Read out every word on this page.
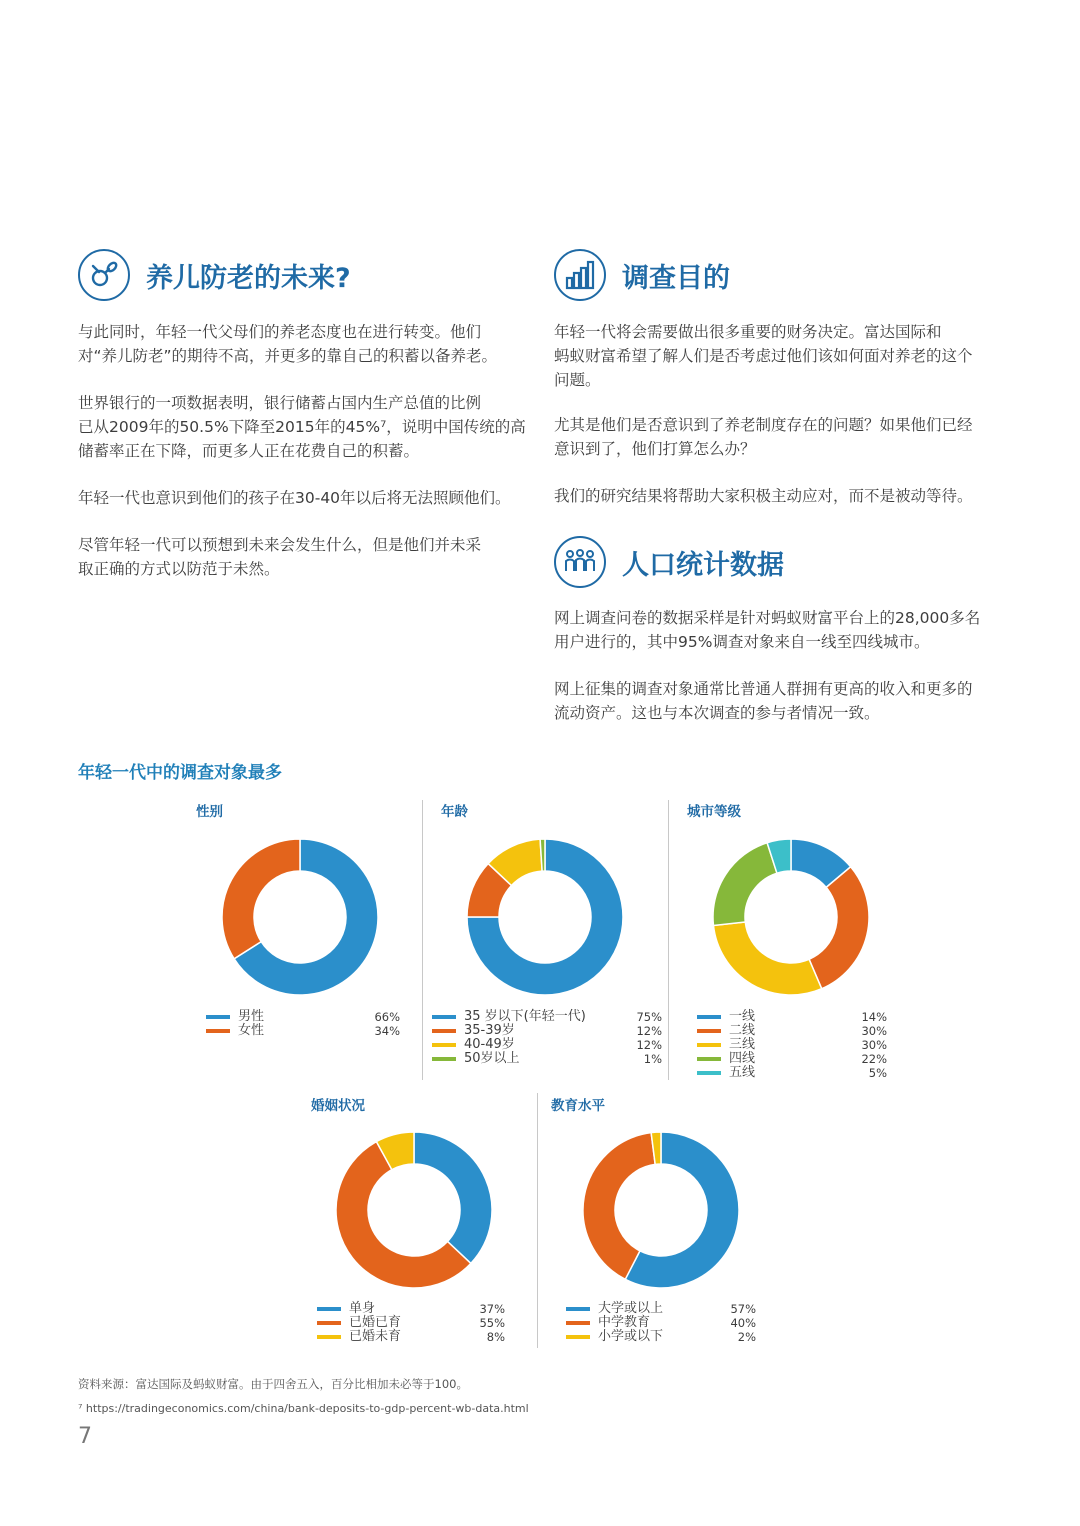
养儿防老的未来?

与此同时，年轻一代父母们的养老态度也在进行转变。他们
对“养儿防老”的期待不高，并更多的靠自己的积蓄以备养老。

世界银行的一项数据表明，银行储蓄占国内生产总值的比例
已从2009年的50.5%下降至2015年的45%⁷，说明中国传统的高
储蓄率正在下降，而更多人正在花费自己的积蓄。

年轻一代也意识到他们的孩子在30-40年以后将无法照顾他们。

尽管年轻一代可以预想到未来会发生什么，但是他们并未采
取正确的方式以防范于未然。

调查目的

年轻一代将会需要做出很多重要的财务决定。富达国际和
蚂蚁财富希望了解人们是否考虑过他们该如何面对养老的这个
问题。

尤其是他们是否意识到了养老制度存在的问题？如果他们已经
意识到了，他们打算怎么办？

我们的研究结果将帮助大家积极主动应对，而不是被动等待。

人口统计数据

网上调查问卷的数据采样是针对蚂蚁财富平台上的28,000多名
用户进行的，其中95%调查对象来自一线至四线城市。

网上征集的调查对象通常比普通人群拥有更高的收入和更多的
流动资产。这也与本次调查的参与者情况一致。

年轻一代中的调查对象最多
性别
男性	66%
女性	34%
年龄
35 岁以下(年轻一代)	75%
35-39岁	12%
40-49岁	12%
50岁以上	1%
城市等级
一线	14%
二线	30%
三线	30%
四线	22%
五线	5%
婚姻状况
单身	37%
已婚已育	55%
已婚未育	8%
教育水平
大学或以上	57%
中学教育	40%
小学或以下	2%
资料来源：富达国际及蚂蚁财富。由于四舍五入，百分比相加未必等于100。
⁷ https://tradingeconomics.com/china/bank-deposits-to-gdp-percent-wb-data.html
7
